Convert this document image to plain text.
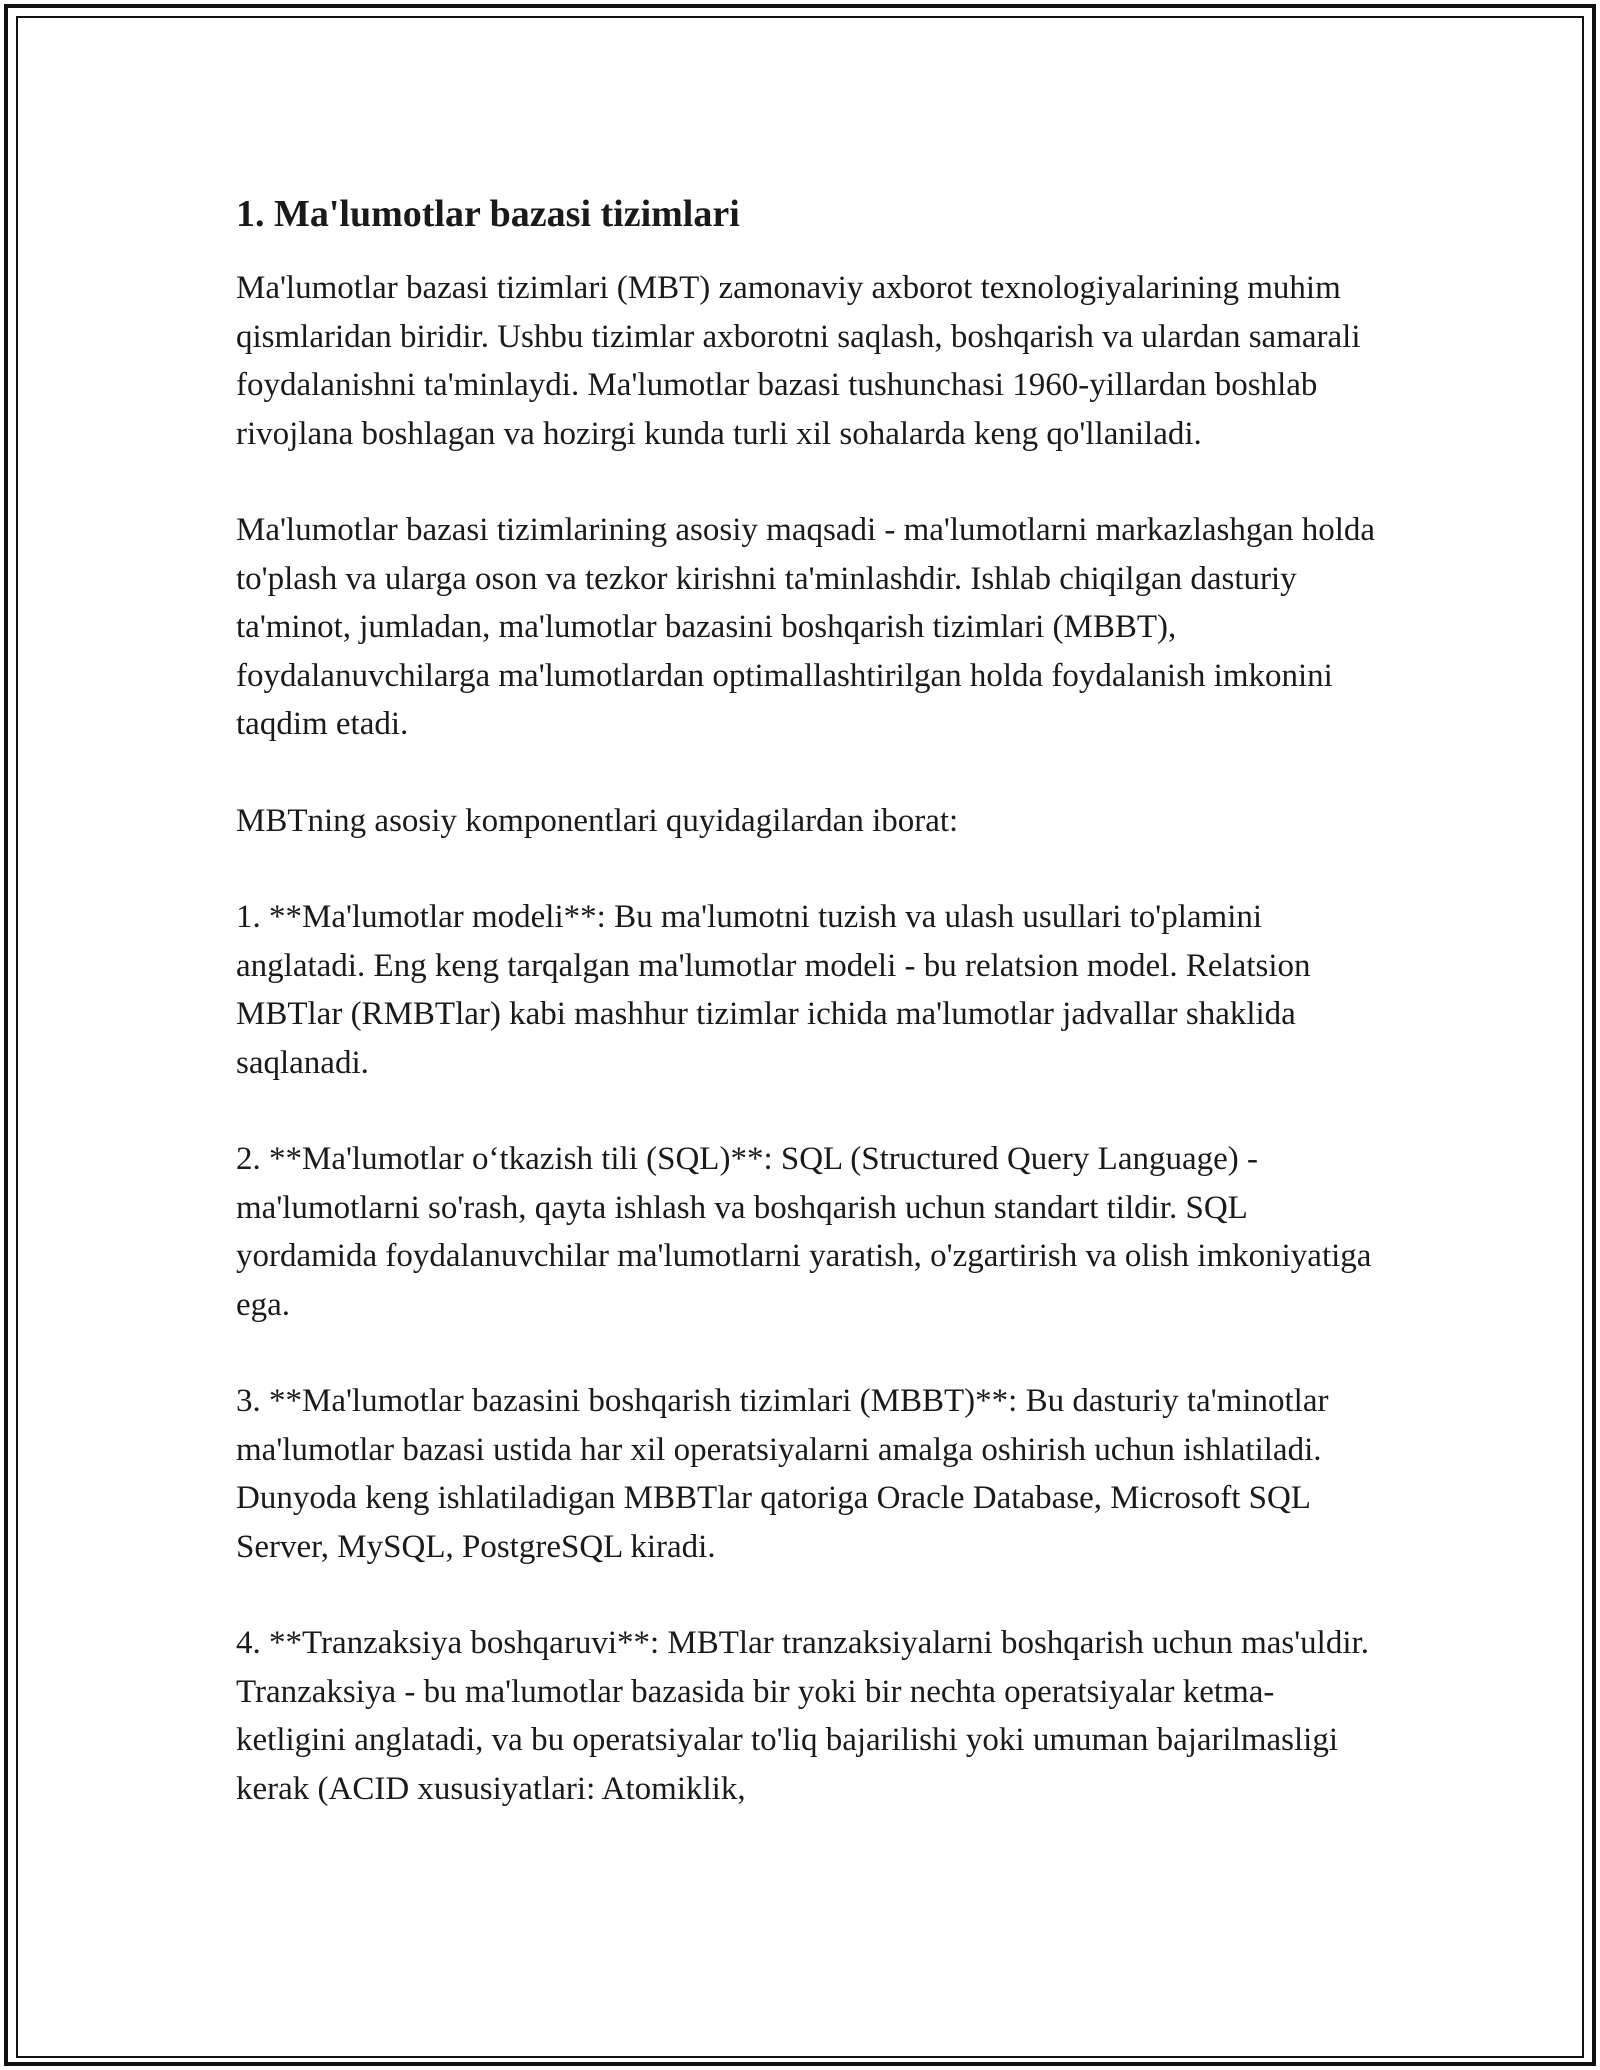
1. Ma'lumotlar bazasi tizimlari

Ma'lumotlar bazasi tizimlari (MBT) zamonaviy axborot texnologiyalarining muhim qismlaridan biridir. Ushbu tizimlar axborotni saqlash, boshqarish va ulardan samarali foydalanishni ta'minlaydi. Ma'lumotlar bazasi tushunchasi 1960-yillardan boshlab rivojlana boshlagan va hozirgi kunda turli xil sohalarda keng qo'llaniladi.

Ma'lumotlar bazasi tizimlarining asosiy maqsadi - ma'lumotlarni markazlashgan holda to'plash va ularga oson va tezkor kirishni ta'minlashdir. Ishlab chiqilgan dasturiy ta'minot, jumladan, ma'lumotlar bazasini boshqarish tizimlari (MBBT), foydalanuvchilarga ma'lumotlardan optimallashtirilgan holda foydalanish imkonini taqdim etadi.

MBTning asosiy komponentlari quyidagilardan iborat:

1. **Ma'lumotlar modeli**: Bu ma'lumotni tuzish va ulash usullari to'plamini anglatadi. Eng keng tarqalgan ma'lumotlar modeli - bu relatsion model. Relatsion MBTlar (RMBTlar) kabi mashhur tizimlar ichida ma'lumotlar jadvallar shaklida saqlanadi.

2. **Ma'lumotlar o‘tkazish tili (SQL)**: SQL (Structured Query Language) - ma'lumotlarni so'rash, qayta ishlash va boshqarish uchun standart tildir. SQL yordamida foydalanuvchilar ma'lumotlarni yaratish, o'zgartirish va olish imkoniyatiga ega.

3. **Ma'lumotlar bazasini boshqarish tizimlari (MBBT)**: Bu dasturiy ta'minotlar ma'lumotlar bazasi ustida har xil operatsiyalarni amalga oshirish uchun ishlatiladi. Dunyoda keng ishlatiladigan MBBTlar qatoriga Oracle Database, Microsoft SQL Server, MySQL, PostgreSQL kiradi.

4. **Tranzaksiya boshqaruvi**: MBTlar tranzaksiyalarni boshqarish uchun mas'uldir. Tranzaksiya - bu ma'lumotlar bazasida bir yoki bir nechta operatsiyalar ketma-ketligini anglatadi, va bu operatsiyalar to'liq bajarilishi yoki umuman bajarilmasligi kerak (ACID xususiyatlari: Atomiklik,
